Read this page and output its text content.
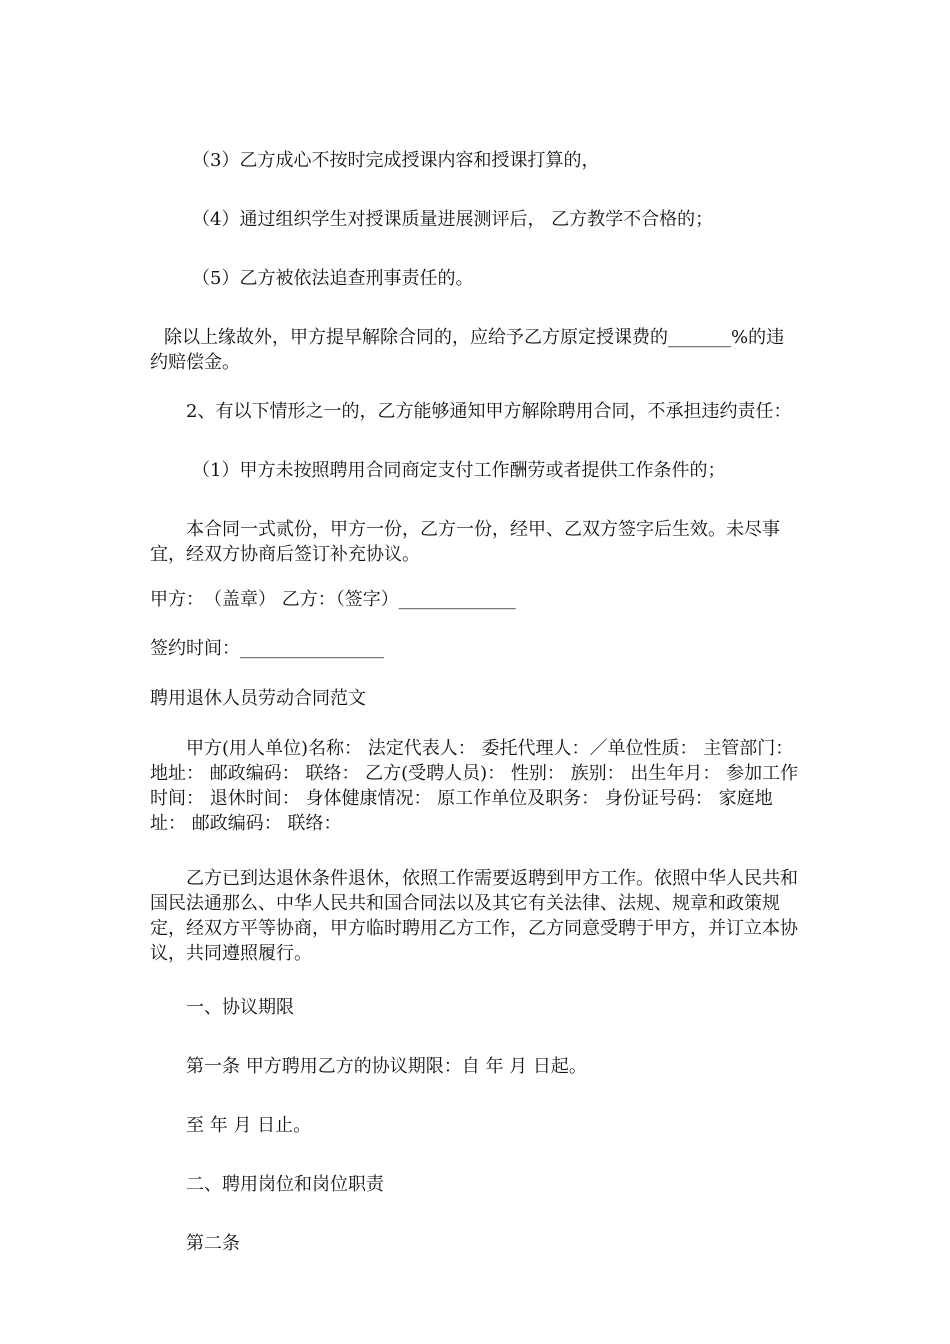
（3）乙方成心不按时完成授课内容和授课打算的，

（4）通过组织学生对授课质量进展测评后， 乙方教学不合格的；

（5）乙方被依法追查刑事责任的。

除以上缘故外，甲方提早解除合同的，应给予乙方原定授课费的_______%的违约赔偿金。

2、有以下情形之一的，乙方能够通知甲方解除聘用合同，不承担违约责任：

（1）甲方未按照聘用合同商定支付工作酬劳或者提供工作条件的；

本合同一式贰份，甲方一份，乙方一份，经甲、乙双方签字后生效。未尽事宜，经双方协商后签订补充协议。

甲方：　（盖章） 乙方：（签字）_____________

签约时间：________________

聘用退休人员劳动合同范文

甲方(用人单位)名称： 法定代表人： 委托代理人：／单位性质： 主管部门： 地址： 邮政编码： 联络： 乙方(受聘人员)： 性别： 族别： 出生年月： 参加工作时间： 退休时间： 身体健康情况： 原工作单位及职务： 身份证号码： 家庭地址： 邮政编码： 联络：

乙方已到达退休条件退休，依照工作需要返聘到甲方工作。依照中华人民共和国民法通那么、中华人民共和国合同法以及其它有关法律、法规、规章和政策规定，经双方平等协商，甲方临时聘用乙方工作，乙方同意受聘于甲方，并订立本协议，共同遵照履行。

一、协议期限

第一条 甲方聘用乙方的协议期限：自 年 月 日起。

至 年 月 日止。

二、聘用岗位和岗位职责

第二条
